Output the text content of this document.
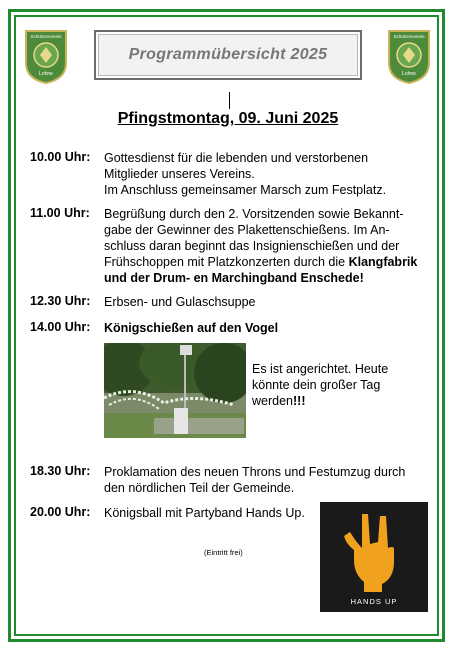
Schützenverein
Lohne
Schützenverein
Lohne
Programmübersicht 2025
Pfingstmontag, 09. Juni 2025
10.00 Uhr: Gottesdienst für die lebenden und verstorbenen
Mitglieder unseres Vereins.
Im Anschluss gemeinsamer Marsch zum Festplatz.
11.00 Uhr: Begrüßung durch den 2. Vorsitzenden sowie Bekannt-
gabe der Gewinner des Plakettenschießens. Im An-
schluss daran beginnt das Insignienschießen und der
Frühschoppen mit Platzkonzerten durch die Klangfabrik
und der Drum- en Marchingband Enschede!
12.30 Uhr: Erbsen- und Gulaschsuppe
14.00 Uhr: Königschießen auf den Vogel
Es ist angerichtet. Heute
könnte dein großer Tag
werden!!!
18.30 Uhr: Proklamation des neuen Throns und Festumzug durch
den nördlichen Teil der Gemeinde.
20.00 Uhr: Königsball mit Partyband Hands Up.
(Eintritt frei)
HANDS UP
